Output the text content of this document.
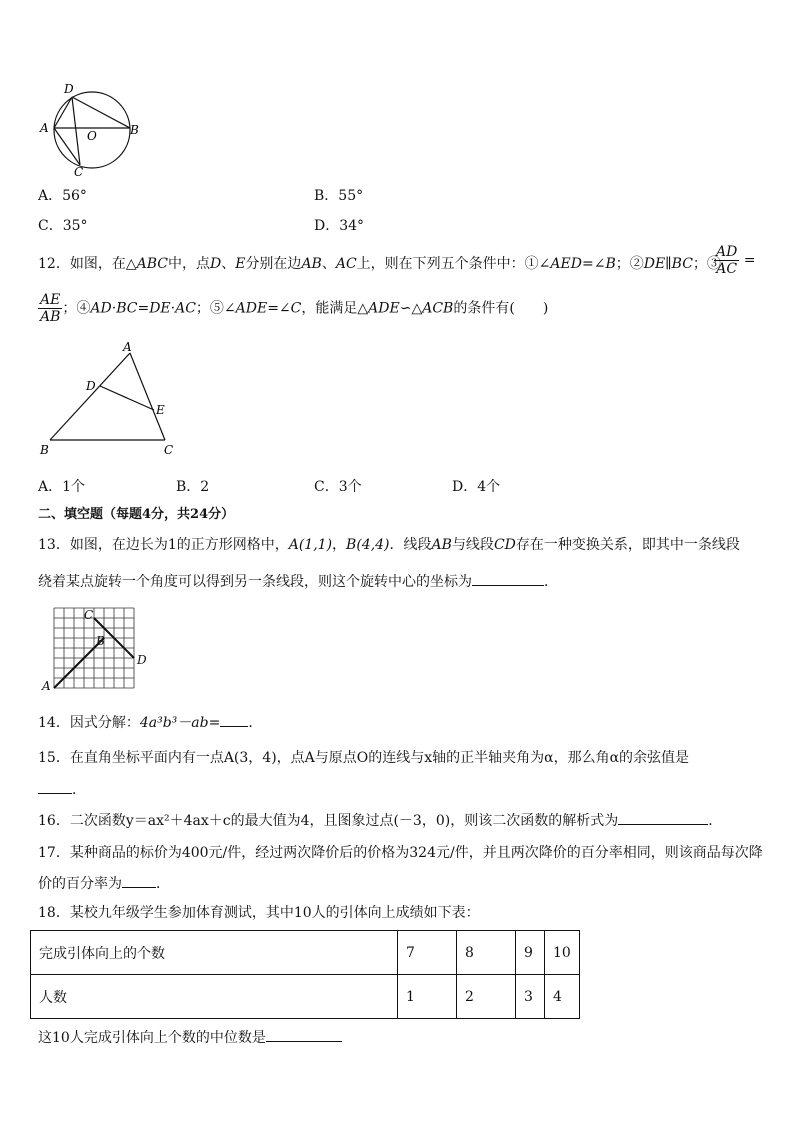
D
A
O	B
C
A．56°	B．55°
C．35°	D．34°
12．如图，在△ABC中，点D、E分别在边AB、AC上，则在下列五个条件中：①∠AED=∠B；②DE∥BC；③
$\frac{AD}{AC}$ =
$\frac{AE}{AB}$ ；④AD·BC=DE·AC；⑤∠ADE=∠C，能满足△ADE∽△ACB的条件有(　　)
A
D
E
B	C
A．1个	B．2	C．3个	D．4个
二、填空题（每题4分，共24分）
13．如图，在边长为1的正方形网格中，A(1,1)，B(4,4)．线段AB与线段CD存在一种变换关系，即其中一条线段
绕着某点旋转一个角度可以得到另一条线段，则这个旋转中心的坐标为	．
A
B
C
D
14．因式分解：4a³b³－ab= ．
15．在直角坐标平面内有一点A(3，4)，点A与原点O的连线与x轴的正半轴夹角为α，那么角α的余弦值是
．
16．二次函数y＝ax²＋4ax＋c的最大值为4，且图象过点(－3，0)，则该二次函数的解析式为	．
17．某种商品的标价为400元/件，经过两次降价后的价格为324元/件，并且两次降价的百分率相同，则该商品每次降
价的百分率为 ．
18．某校九年级学生参加体育测试，其中10人的引体向上成绩如下表：
完成引体向上的个数	7	8	9	10
人数	1	2	3	4
这10人完成引体向上个数的中位数是
